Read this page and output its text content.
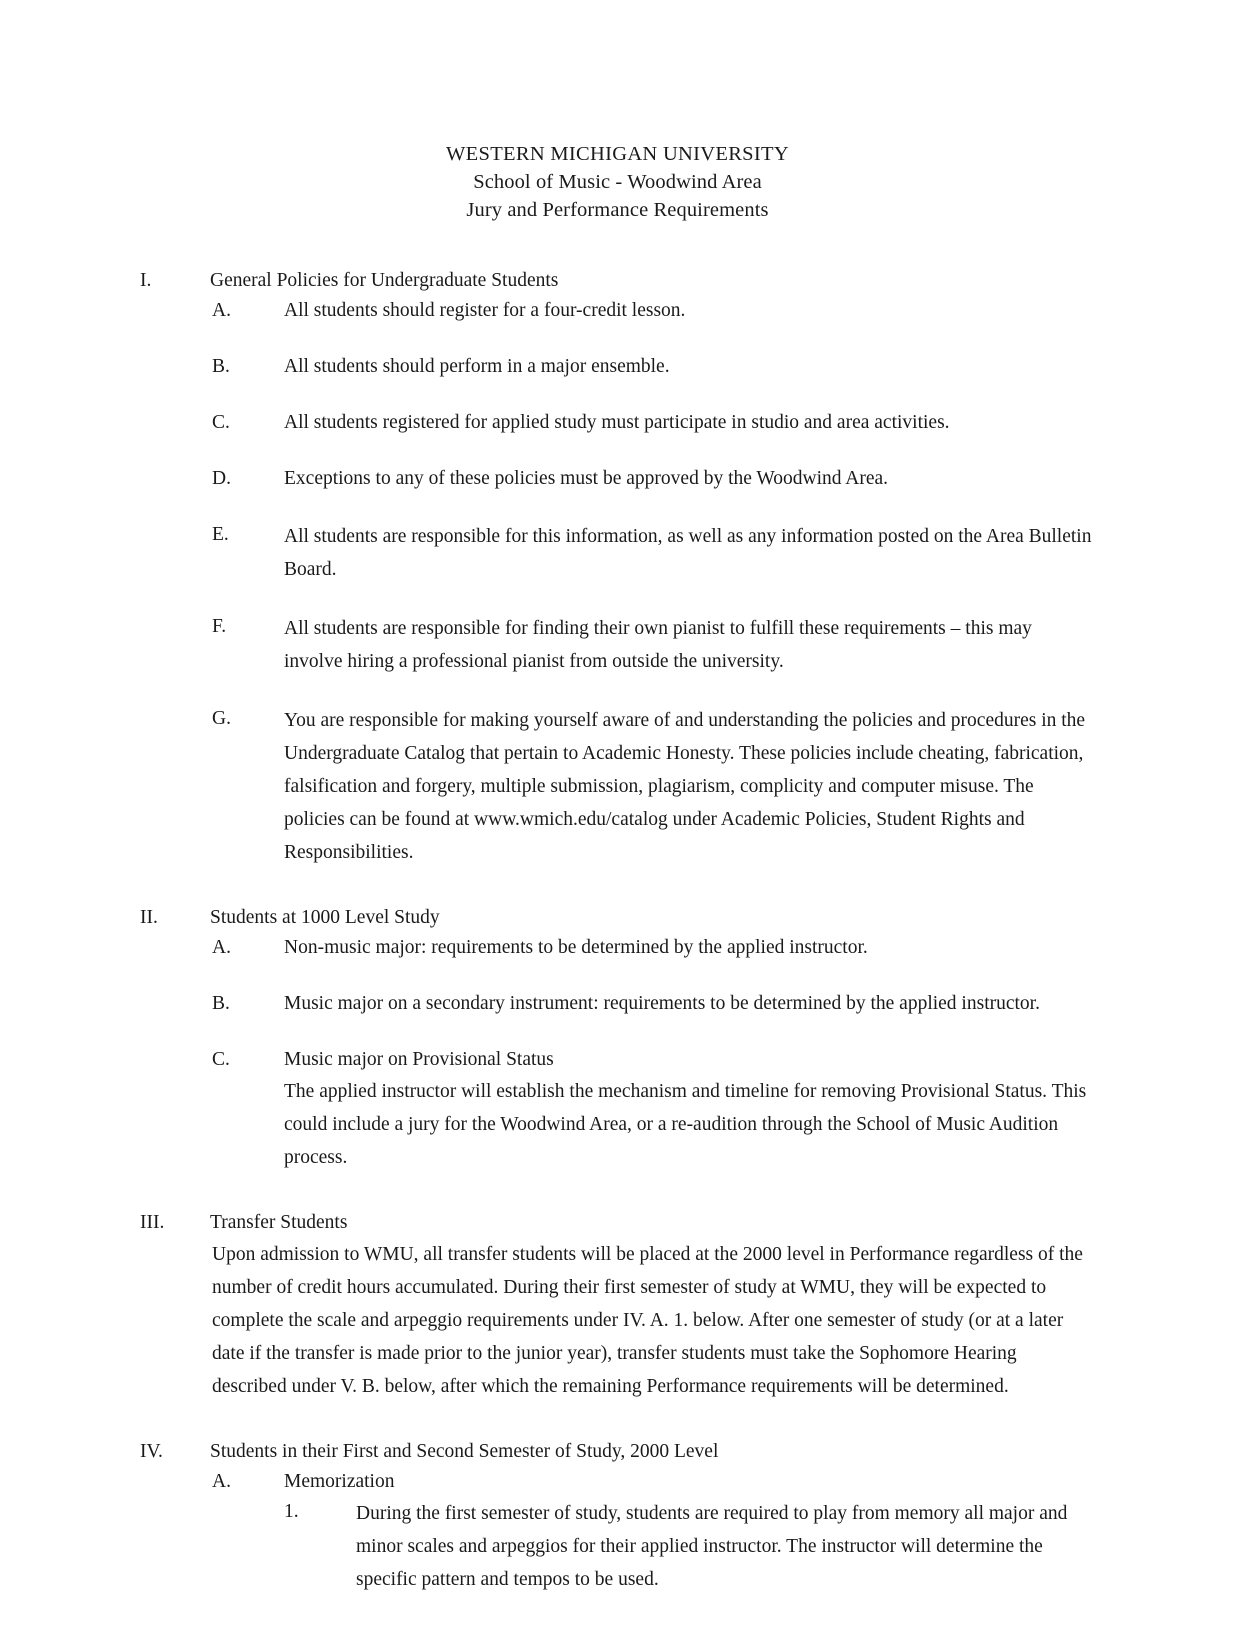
WESTERN MICHIGAN UNIVERSITY
School of Music - Woodwind Area
Jury and Performance Requirements
I.	General Policies for Undergraduate Students
A.	All students should register for a four-credit lesson.
B.	All students should perform in a major ensemble.
C.	All students registered for applied study must participate in studio and area activities.
D.	Exceptions to any of these policies must be approved by the Woodwind Area.
E.	All students are responsible for this information, as well as any information posted on the Area Bulletin Board.
F.	All students are responsible for finding their own pianist to fulfill these requirements – this may involve hiring a professional pianist from outside the university.
G.	You are responsible for making yourself aware of and understanding the policies and procedures in the Undergraduate Catalog that pertain to Academic Honesty. These policies include cheating, fabrication, falsification and forgery, multiple submission, plagiarism, complicity and computer misuse. The policies can be found at www.wmich.edu/catalog under Academic Policies, Student Rights and Responsibilities.
II.	Students at 1000 Level Study
A.	Non-music major: requirements to be determined by the applied instructor.
B.	Music major on a secondary instrument: requirements to be determined by the applied instructor.
C.	Music major on Provisional Status
The applied instructor will establish the mechanism and timeline for removing Provisional Status. This could include a jury for the Woodwind Area, or a re-audition through the School of Music Audition process.
III.	Transfer Students
Upon admission to WMU, all transfer students will be placed at the 2000 level in Performance regardless of the number of credit hours accumulated. During their first semester of study at WMU, they will be expected to complete the scale and arpeggio requirements under IV. A. 1. below. After one semester of study (or at a later date if the transfer is made prior to the junior year), transfer students must take the Sophomore Hearing described under V. B. below, after which the remaining Performance requirements will be determined.
IV.	Students in their First and Second Semester of Study, 2000 Level
A.	Memorization
1.	During the first semester of study, students are required to play from memory all major and minor scales and arpeggios for their applied instructor. The instructor will determine the specific pattern and tempos to be used.
